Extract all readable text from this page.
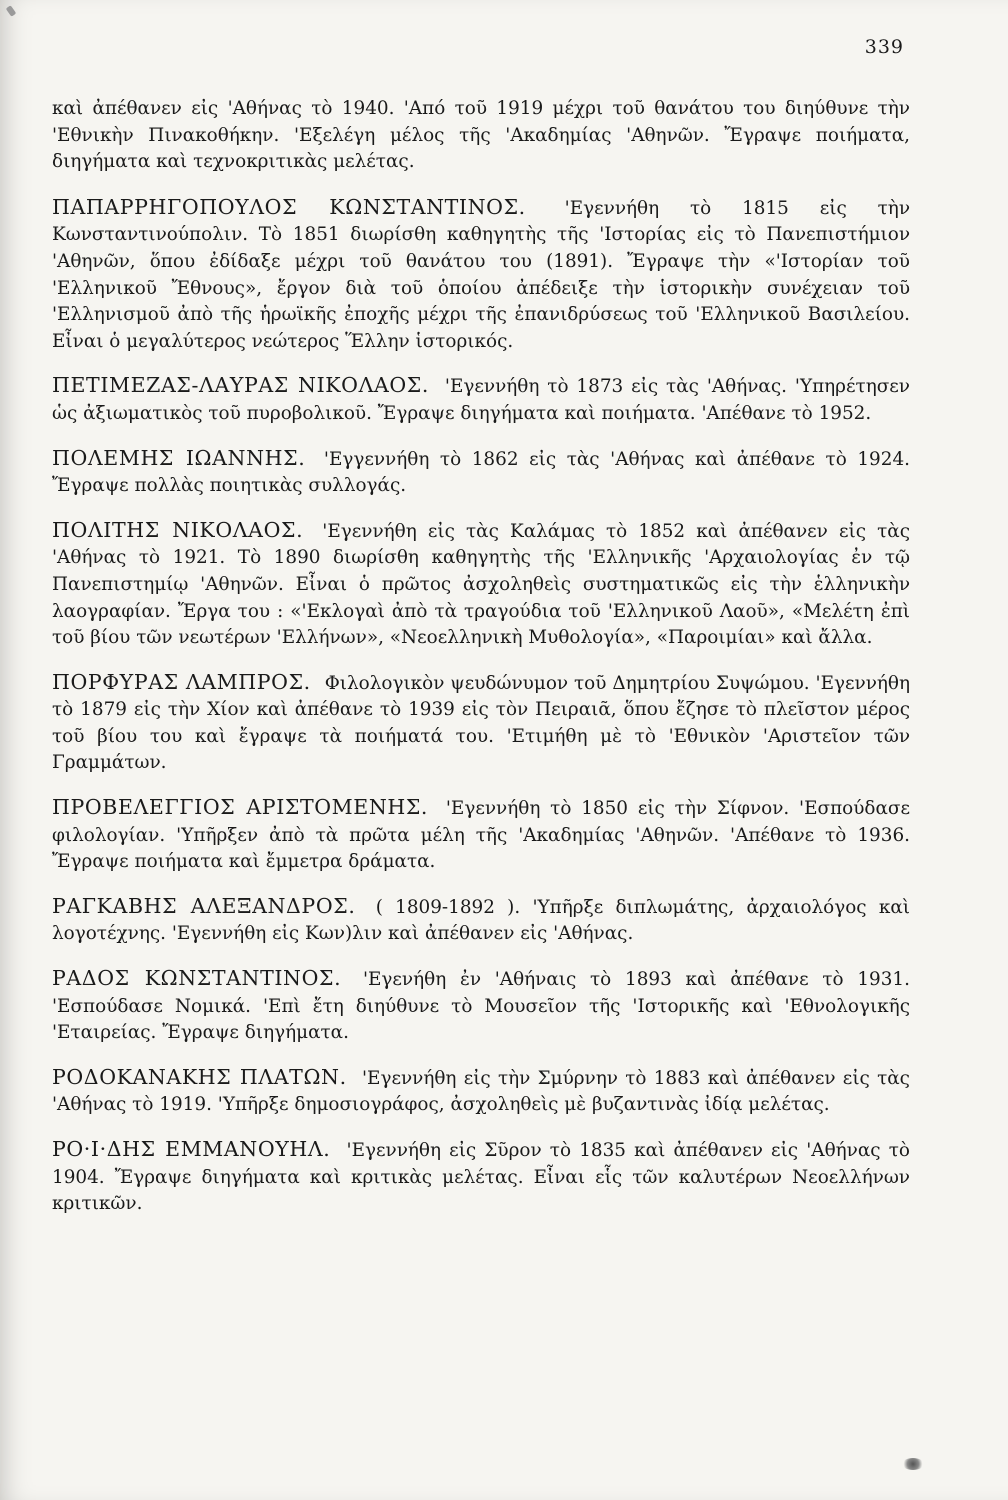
339

καὶ ἀπέθανεν εἰς 'Αθήνας τὸ 1940. 'Από τοῦ 1919 μέχρι τοῦ θανάτου του διηύθυνε τὴν 'Εθνικὴν Πινακοθήκην. 'Εξελέγη μέλος τῆς 'Ακαδημίας 'Αθηνῶν. Ἔγραψε ποιήματα, διηγήματα καὶ τεχνοκριτικὰς μελέτας.

ΠΑΠΑΡΡΗΓΟΠΟΥΛΟΣ ΚΩΝΣΤΑΝΤΙΝΟΣ. 'Εγεννήθη τὸ 1815 εἰς τὴν Κωνσταντινούπολιν. Τὸ 1851 διωρίσθη καθηγητὴς τῆς 'Ιστορίας εἰς τὸ Πανεπιστήμιον 'Αθηνῶν, ὅπου ἐδίδαξε μέχρι τοῦ θανάτου του (1891). Ἔγραψε τὴν «'Ιστορίαν τοῦ 'Ελληνικοῦ Ἔθνους», ἔργον διὰ τοῦ ὁποίου ἀπέδειξε τὴν ἱστορικὴν συνέχειαν τοῦ 'Ελληνισμοῦ ἀπὸ τῆς ἡρωϊκῆς ἐποχῆς μέχρι τῆς ἐπανιδρύσεως τοῦ 'Ελληνικοῦ Βασιλείου. Εἶναι ὁ μεγαλύτερος νεώτερος Ἕλλην ἱστορικός.

ΠΕΤΙΜΕΖΑΣ-ΛΑΥΡΑΣ ΝΙΚΟΛΑΟΣ. 'Εγεννήθη τὸ 1873 εἰς τὰς 'Αθήνας. 'Υπηρέτησεν ὡς ἀξιωματικὸς τοῦ πυροβολικοῦ. Ἔγραψε διηγήματα καὶ ποιήματα. 'Απέθανε τὸ 1952.

ΠΟΛΕΜΗΣ ΙΩΑΝΝΗΣ. 'Εγγεννήθη τὸ 1862 εἰς τὰς 'Αθήνας καὶ ἀπέθανε τὸ 1924. Ἔγραψε πολλὰς ποιητικὰς συλλογάς.

ΠΟΛΙΤΗΣ ΝΙΚΟΛΑΟΣ. 'Εγεννήθη εἰς τὰς Καλάμας τὸ 1852 καὶ ἀπέθανεν εἰς τὰς 'Αθήνας τὸ 1921. Τὸ 1890 διωρίσθη καθηγητὴς τῆς 'Ελληνικῆς 'Αρχαιολογίας ἐν τῷ Πανεπιστημίῳ 'Αθηνῶν. Εἶναι ὁ πρῶτος ἀσχοληθεὶς συστηματικῶς εἰς τὴν ἑλληνικὴν λαογραφίαν. Ἔργα του : «'Εκλογαὶ ἀπὸ τὰ τραγούδια τοῦ 'Ελληνικοῦ Λαοῦ», «Μελέτη ἐπὶ τοῦ βίου τῶν νεωτέρων 'Ελλήνων», «Νεοελληνικὴ Μυθολογία», «Παροιμίαι» καὶ ἄλλα.

ΠΟΡΦΥΡΑΣ ΛΑΜΠΡΟΣ. Φιλολογικὸν ψευδώνυμον τοῦ Δημητρίου Συψώμου. 'Εγεννήθη τὸ 1879 εἰς τὴν Χίον καὶ ἀπέθανε τὸ 1939 εἰς τὸν Πειραιᾶ, ὅπου ἔζησε τὸ πλεῖστον μέρος τοῦ βίου του καὶ ἔγραψε τὰ ποιήματά του. 'Ετιμήθη μὲ τὸ 'Εθνικὸν 'Αριστεῖον τῶν Γραμμάτων.

ΠΡΟΒΕΛΕΓΓΙΟΣ ΑΡΙΣΤΟΜΕΝΗΣ. 'Εγεννήθη τὸ 1850 εἰς τὴν Σίφνον. 'Εσπούδασε φιλολογίαν. 'Υπῆρξεν ἀπὸ τὰ πρῶτα μέλη τῆς 'Ακαδημίας 'Αθηνῶν. 'Απέθανε τὸ 1936. Ἔγραψε ποιήματα καὶ ἔμμετρα δράματα.

ΡΑΓΚΑΒΗΣ ΑΛΕΞΑΝΔΡΟΣ. ( 1809-1892 ). 'Υπῆρξε διπλωμάτης, ἀρχαιολόγος καὶ λογοτέχνης. 'Εγεννήθη εἰς Κων)λιν καὶ ἀπέθανεν εἰς 'Αθήνας.

ΡΑΔΟΣ ΚΩΝΣΤΑΝΤΙΝΟΣ. 'Εγενήθη ἐν 'Αθήναις τὸ 1893 καὶ ἀπέθανε τὸ 1931. 'Εσπούδασε Νομικά. 'Επὶ ἔτη διηύθυνε τὸ Μουσεῖον τῆς 'Ιστορικῆς καὶ 'Εθνολογικῆς 'Εταιρείας. Ἔγραψε διηγήματα.

ΡΟΔΟΚΑΝΑΚΗΣ ΠΛΑΤΩΝ. 'Εγεννήθη εἰς τὴν Σμύρνην τὸ 1883 καὶ ἀπέθανεν εἰς τὰς 'Αθήνας τὸ 1919. 'Υπῆρξε δημοσιογράφος, ἀσχοληθεὶς μὲ βυζαντινὰς ἰδίᾳ μελέτας.

ΡΟ·Ι·ΔΗΣ ΕΜΜΑΝΟΥΗΛ. 'Εγεννήθη εἰς Σῦρον τὸ 1835 καὶ ἀπέθανεν εἰς 'Αθήνας τὸ 1904. Ἔγραψε διηγήματα καὶ κριτικὰς μελέτας. Εἶναι εἷς τῶν καλυτέρων Νεοελλήνων κριτικῶν.
